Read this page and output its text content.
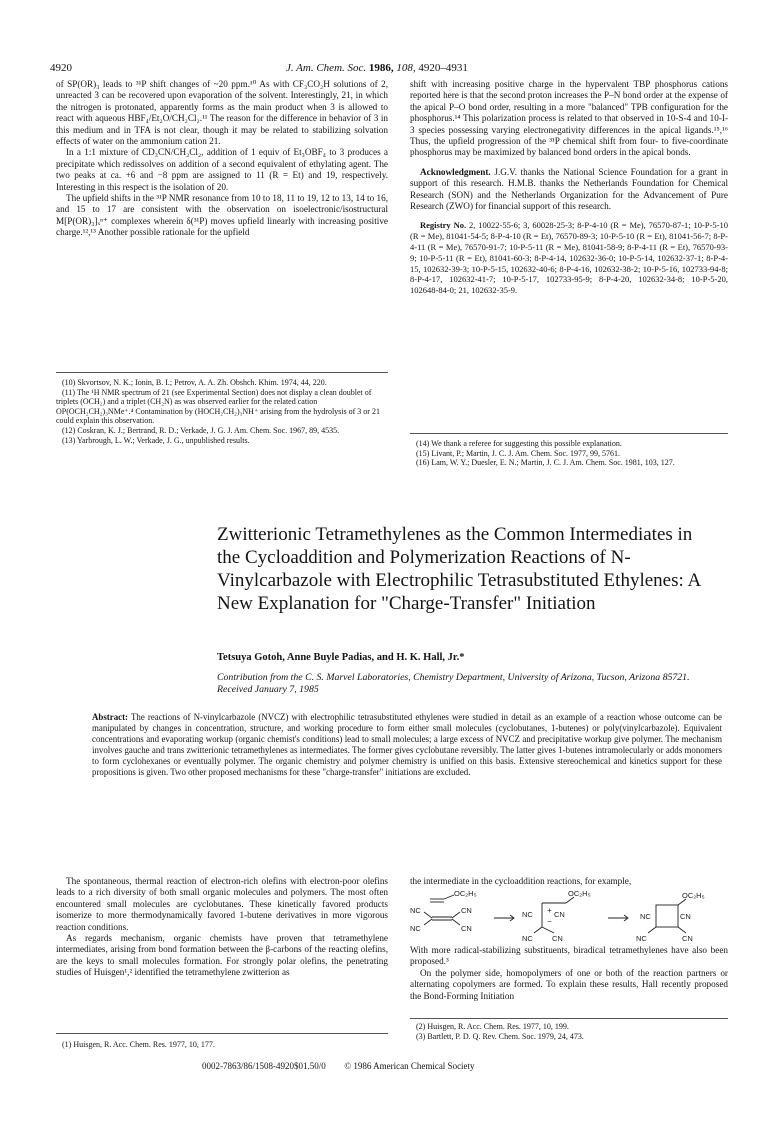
4920	J. Am. Chem. Soc. 1986, 108, 4920–4931

of SP(OR)₃ leads to ³¹P shift changes of ~20 ppm.¹⁰ As with CF₃CO₂H solutions of 2, unreacted 3 can be recovered upon evaporation of the solvent. Interestingly, 21, in which the nitrogen is protonated, apparently forms as the main product when 3 is allowed to react with aqueous HBF₄/Et₂O/CH₂Cl₂.¹¹ The reason for the difference in behavior of 3 in this medium and in TFA is not clear, though it may be related to stabilizing solvation effects of water on the ammonium cation 21.

In a 1:1 mixture of CD₃CN/CH₂Cl₂, addition of 1 equiv of Et₃OBF₄ to 3 produces a precipitate which redissolves on addition of a second equivalent of ethylating agent. The two peaks at ca. +6 and −8 ppm are assigned to 11 (R = Et) and 19, respectively. Interesting in this respect is the isolation of 20.

The upfield shifts in the ³¹P NMR resonance from 10 to 18, 11 to 19, 12 to 13, 14 to 16, and 15 to 17 are consistent with the observation on isoelectronic/isostructural M[P(OR)₃]ₓⁿ⁺ complexes wherein δ(³¹P) moves upfield linearly with increasing positive charge.¹²,¹³ Another possible rationale for the upfield

(10) Skvortsov, N. K.; Ionin, B. I.; Petrov, A. A. Zh. Obshch. Khim. 1974, 44, 220.

(11) The ¹H NMR spectrum of 21 (see Experimental Section) does not display a clean doublet of triplets (OCH₂) and a triplet (CH₂N) as was observed earlier for the related cation OP(OCH₂CH₂)₃NMe⁺.⁴ Contamination by (HOCH₂CH₂)₃NH⁺ arising from the hydrolysis of 3 or 21 could explain this observation.

(12) Coskran, K. J.; Bertrand, R. D.; Verkade, J. G. J. Am. Chem. Soc. 1967, 89, 4535.

(13) Yarbrough, L. W.; Verkade, J. G., unpublished results.

shift with increasing positive charge in the hypervalent TBP phosphorus cations reported here is that the second proton increases the P–N bond order at the expense of the apical P–O bond order, resulting in a more "balanced" TPB configuration for the phosphorus.¹⁴ This polarization process is related to that observed in 10-S-4 and 10-I-3 species possessing varying electronegativity differences in the apical ligands.¹⁵,¹⁶ Thus, the upfield progression of the ³¹P chemical shift from four- to five-coordinate phosphorus may be maximized by balanced bond orders in the apical bonds.

Acknowledgment. J.G.V. thanks the National Science Foundation for a grant in support of this research. H.M.B. thanks the Netherlands Foundation for Chemical Research (SON) and the Netherlands Organization for the Advancement of Pure Research (ZWO) for financial support of this research.

Registry No. 2, 10022-55-6; 3, 60028-25-3; 8-P-4-10 (R = Me), 76570-87-1; 10-P-5-10 (R = Me), 81041-54-5; 8-P-4-10 (R = Et), 76570-89-3; 10-P-5-10 (R = Et), 81041-56-7; 8-P-4-11 (R = Me), 76570-91-7; 10-P-5-11 (R = Me), 81041-58-9; 8-P-4-11 (R = Et), 76570-93-9; 10-P-5-11 (R = Et), 81041-60-3; 8-P-4-14, 102632-36-0; 10-P-5-14, 102632-37-1; 8-P-4-15, 102632-39-3; 10-P-5-15, 102632-40-6; 8-P-4-16, 102632-38-2; 10-P-5-16, 102733-94-8; 8-P-4-17, 102632-41-7; 10-P-5-17, 102733-95-9; 8-P-4-20, 102632-34-8; 10-P-5-20, 102648-84-0; 21, 102632-35-9.

(14) We thank a referee for suggesting this possible explanation.

(15) Livant, P.; Martin, J. C. J. Am. Chem. Soc. 1977, 99, 5761.

(16) Lam, W. Y.; Duesler, E. N.; Martin, J. C. J. Am. Chem. Soc. 1981, 103, 127.

Zwitterionic Tetramethylenes as the Common Intermediates in the Cycloaddition and Polymerization Reactions of N-Vinylcarbazole with Electrophilic Tetrasubstituted Ethylenes: A New Explanation for "Charge-Transfer" Initiation
Tetsuya Gotoh, Anne Buyle Padias, and H. K. Hall, Jr.*
Contribution from the C. S. Marvel Laboratories, Chemistry Department, University of Arizona, Tucson, Arizona 85721. Received January 7, 1985
Abstract: The reactions of N-vinylcarbazole (NVCZ) with electrophilic tetrasubstituted ethylenes were studied in detail as an example of a reaction whose outcome can be manipulated by changes in concentration, structure, and working procedure to form either small molecules (cyclobutanes, 1-butenes) or poly(vinylcarbazole). Equivalent concentrations and evaporating workup (organic chemist's conditions) lead to small molecules; a large excess of NVCZ and precipitative workup give polymer. The mechanism involves gauche and trans zwitterionic tetramethylenes as intermediates. The former gives cyclobutane reversibly. The latter gives 1-butenes intramolecularly or adds monomers to form cyclohexanes or eventually polymer. The organic chemistry and polymer chemistry is unified on this basis. Extensive stereochemical and kinetics support for these propositions is given. Two other proposed mechanisms for these "charge-transfer" initiations are excluded.

The spontaneous, thermal reaction of electron-rich olefins with electron-poor olefins leads to a rich diversity of both small organic molecules and polymers. The most often encountered small molecules are cyclobutanes. These kinetically favored products isomerize to more thermodynamically favored 1-butene derivatives in more vigorous reaction conditions.

As regards mechanism, organic chemists have proven that tetramethylene intermediates, arising from bond formation between the β-carbons of the reacting olefins, are the keys to small molecules formation. For strongly polar olefins, the penetrating studies of Huisgen¹,² identified the tetramethylene zwitterion as

(1) Huisgen, R. Acc. Chem. Res. 1977, 10, 177.

the intermediate in the cycloaddition reactions, for example,

OC₂H₅
NC
NC
CN
CN
OC₂H₅
NC	CN
NC	CN
+
−
OC₂H₅
NC	CN
NC	CN

With more radical-stabilizing substituents, biradical tetramethylenes have also been proposed.³

On the polymer side, homopolymers of one or both of the reaction partners or alternating copolymers are formed. To explain these results, Hall recently proposed the Bond-Forming Initiation

(2) Huisgen, R. Acc. Chem. Res. 1977, 10, 199.

(3) Bartlett, P. D. Q. Rev. Chem. Soc. 1979, 24, 473.

0002-7863/86/1508-4920$01.50/0 © 1986 American Chemical Society
